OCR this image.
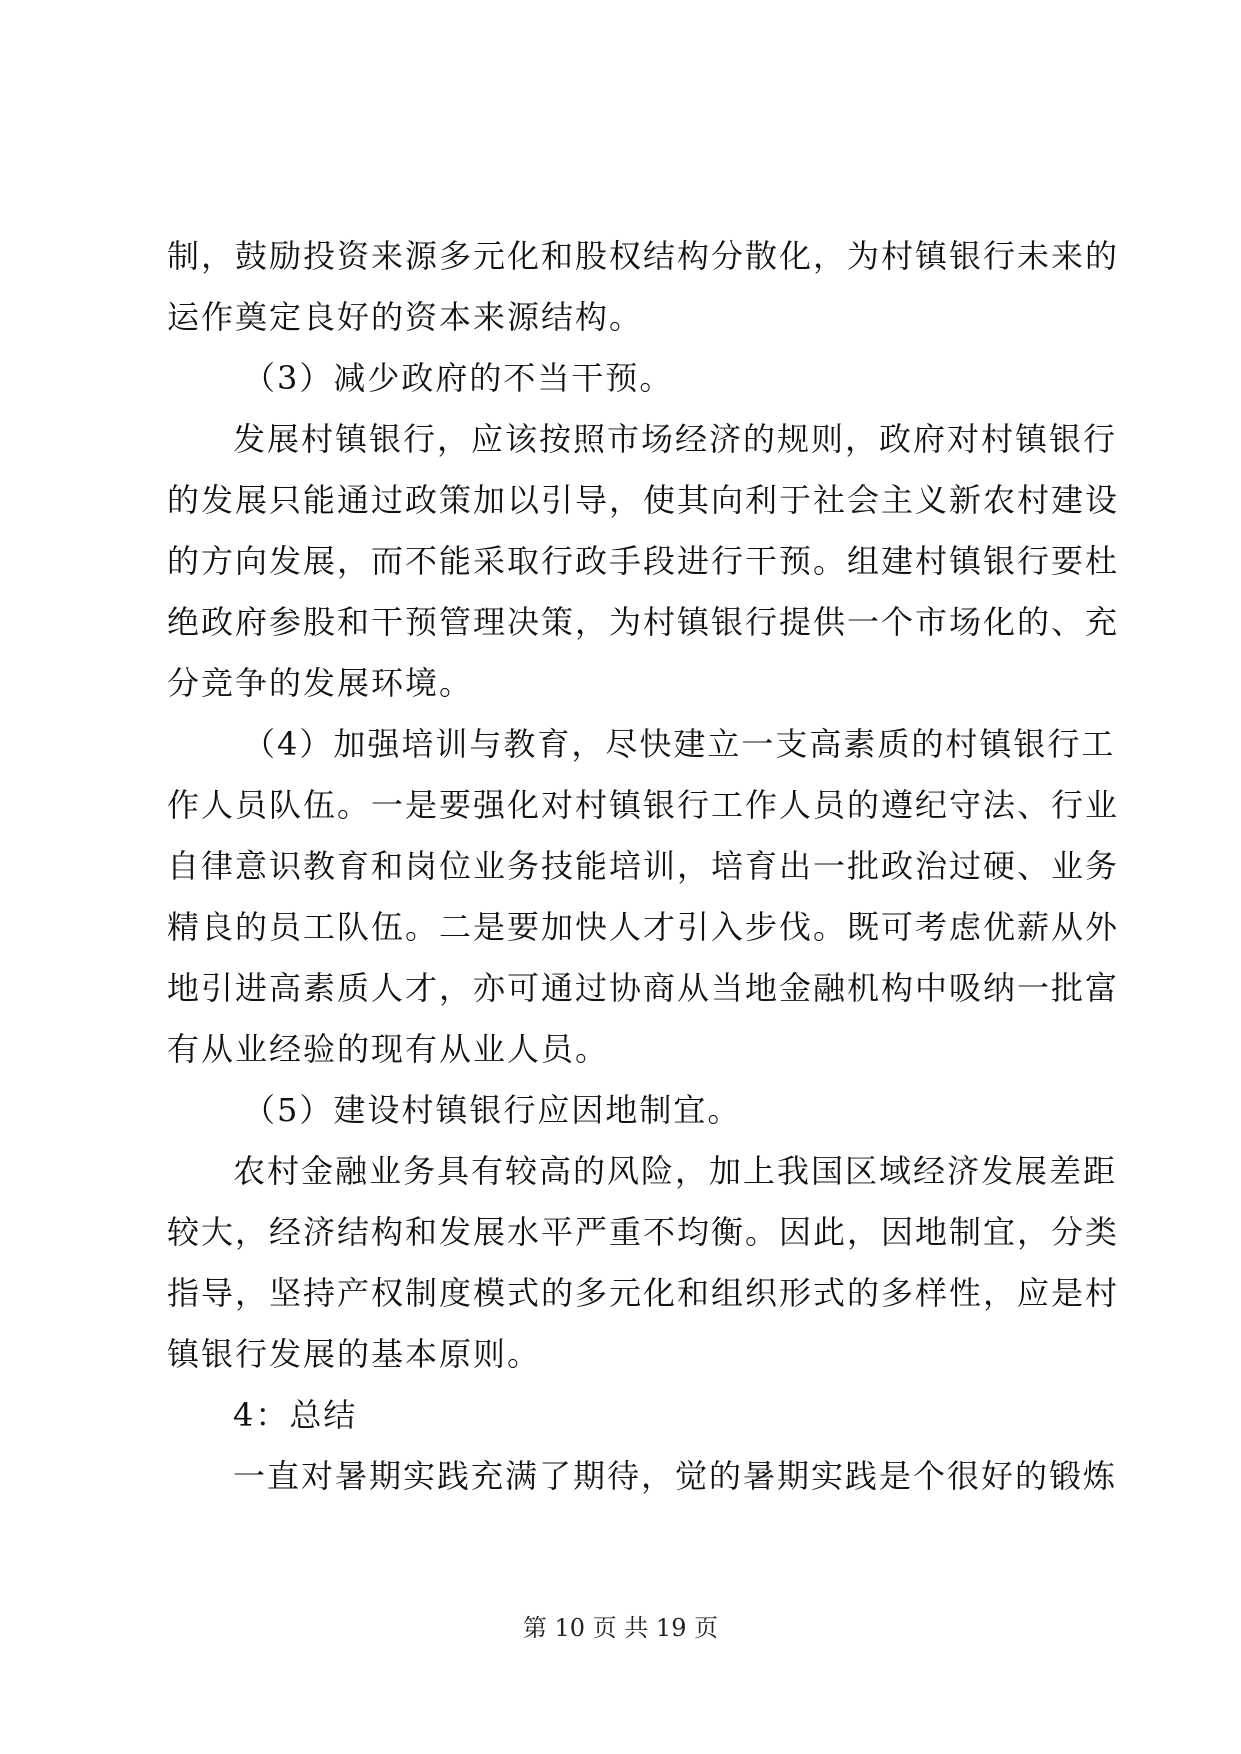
制，鼓励投资来源多元化和股权结构分散化，为村镇银行未来的
运作奠定良好的资本来源结构。
（3）减少政府的不当干预。
发展村镇银行，应该按照市场经济的规则，政府对村镇银行
的发展只能通过政策加以引导，使其向利于社会主义新农村建设
的方向发展，而不能采取行政手段进行干预。组建村镇银行要杜
绝政府参股和干预管理决策，为村镇银行提供一个市场化的、充
分竞争的发展环境。
（4）加强培训与教育，尽快建立一支高素质的村镇银行工
作人员队伍。一是要强化对村镇银行工作人员的遵纪守法、行业
自律意识教育和岗位业务技能培训，培育出一批政治过硬、业务
精良的员工队伍。二是要加快人才引入步伐。既可考虑优薪从外
地引进高素质人才，亦可通过协商从当地金融机构中吸纳一批富
有从业经验的现有从业人员。
（5）建设村镇银行应因地制宜。
农村金融业务具有较高的风险，加上我国区域经济发展差距
较大，经济结构和发展水平严重不均衡。因此，因地制宜，分类
指导，坚持产权制度模式的多元化和组织形式的多样性，应是村
镇银行发展的基本原则。
4：总结
一直对暑期实践充满了期待，觉的暑期实践是个很好的锻炼
第 10 页 共 19 页
